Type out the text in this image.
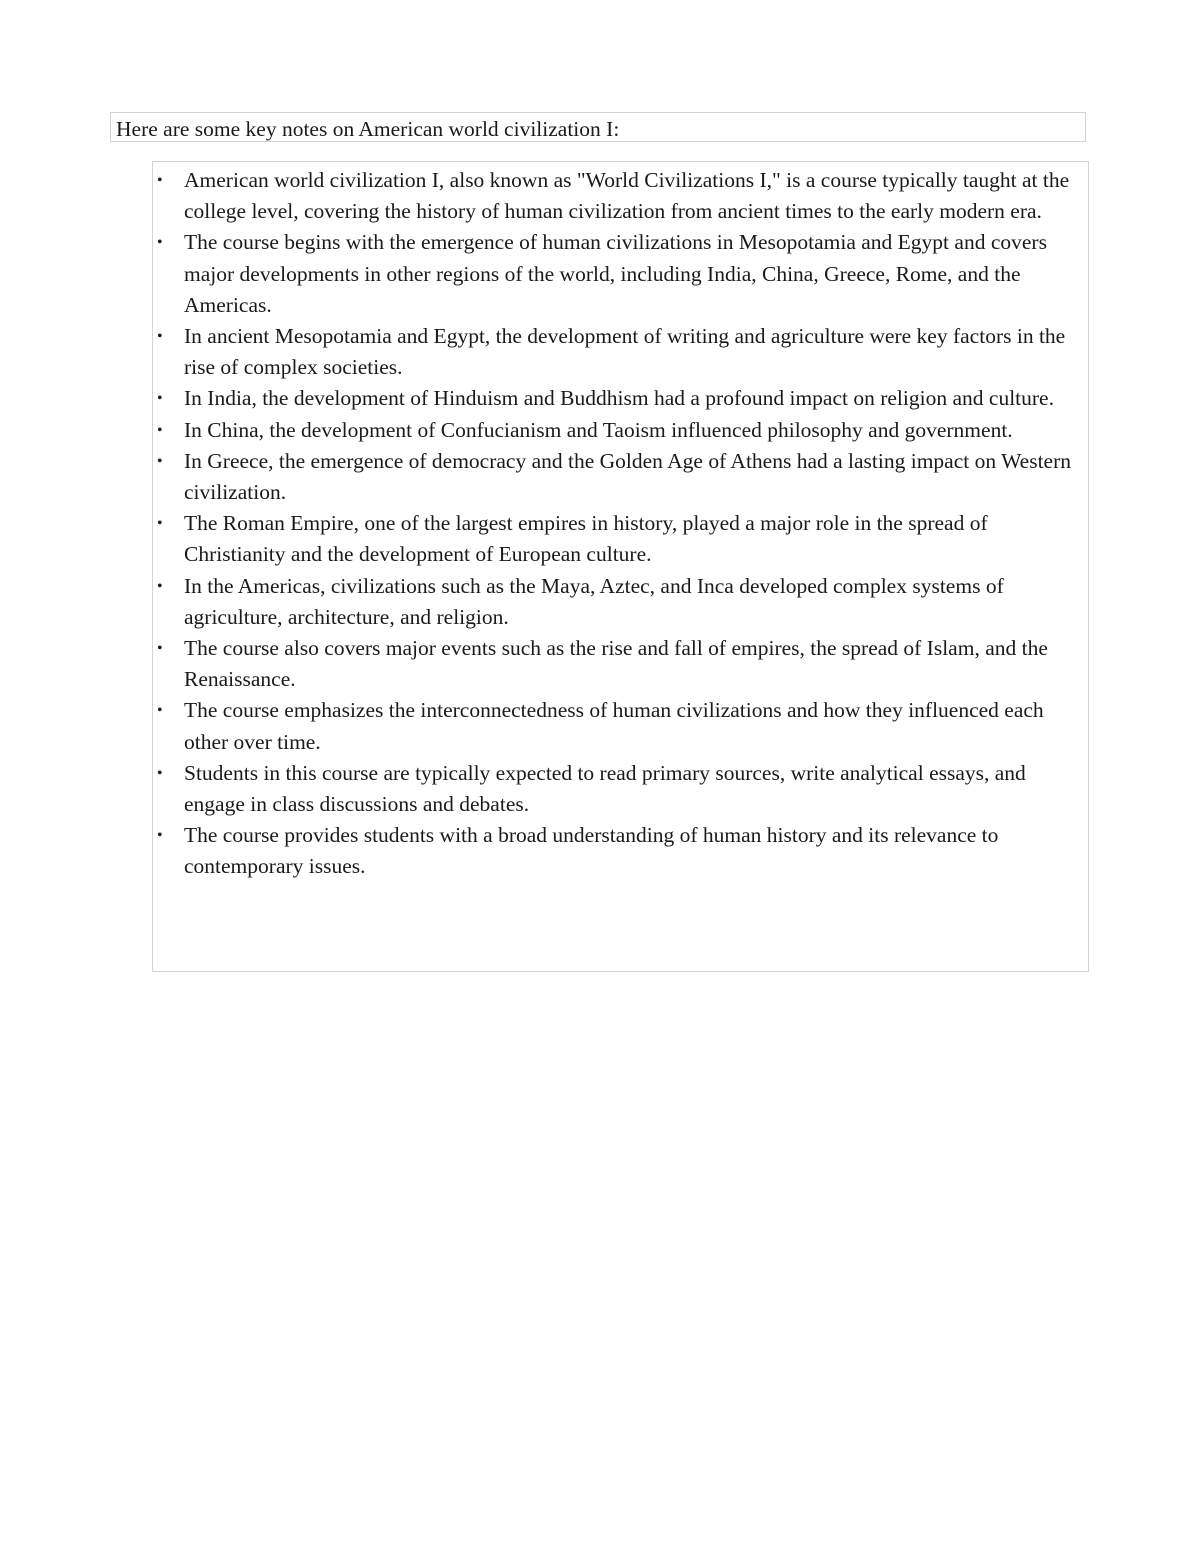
Here are some key notes on American world civilization I:
• American world civilization I, also known as "World Civilizations I," is a course typically taught at the college level, covering the history of human civilization from ancient times to the early modern era.
• The course begins with the emergence of human civilizations in Mesopotamia and Egypt and covers major developments in other regions of the world, including India, China, Greece, Rome, and the Americas.
• In ancient Mesopotamia and Egypt, the development of writing and agriculture were key factors in the rise of complex societies.
• In India, the development of Hinduism and Buddhism had a profound impact on religion and culture.
• In China, the development of Confucianism and Taoism influenced philosophy and government.
• In Greece, the emergence of democracy and the Golden Age of Athens had a lasting impact on Western civilization.
• The Roman Empire, one of the largest empires in history, played a major role in the spread of Christianity and the development of European culture.
• In the Americas, civilizations such as the Maya, Aztec, and Inca developed complex systems of agriculture, architecture, and religion.
• The course also covers major events such as the rise and fall of empires, the spread of Islam, and the Renaissance.
• The course emphasizes the interconnectedness of human civilizations and how they influenced each other over time.
• Students in this course are typically expected to read primary sources, write analytical essays, and engage in class discussions and debates.
• The course provides students with a broad understanding of human history and its relevance to contemporary issues.
